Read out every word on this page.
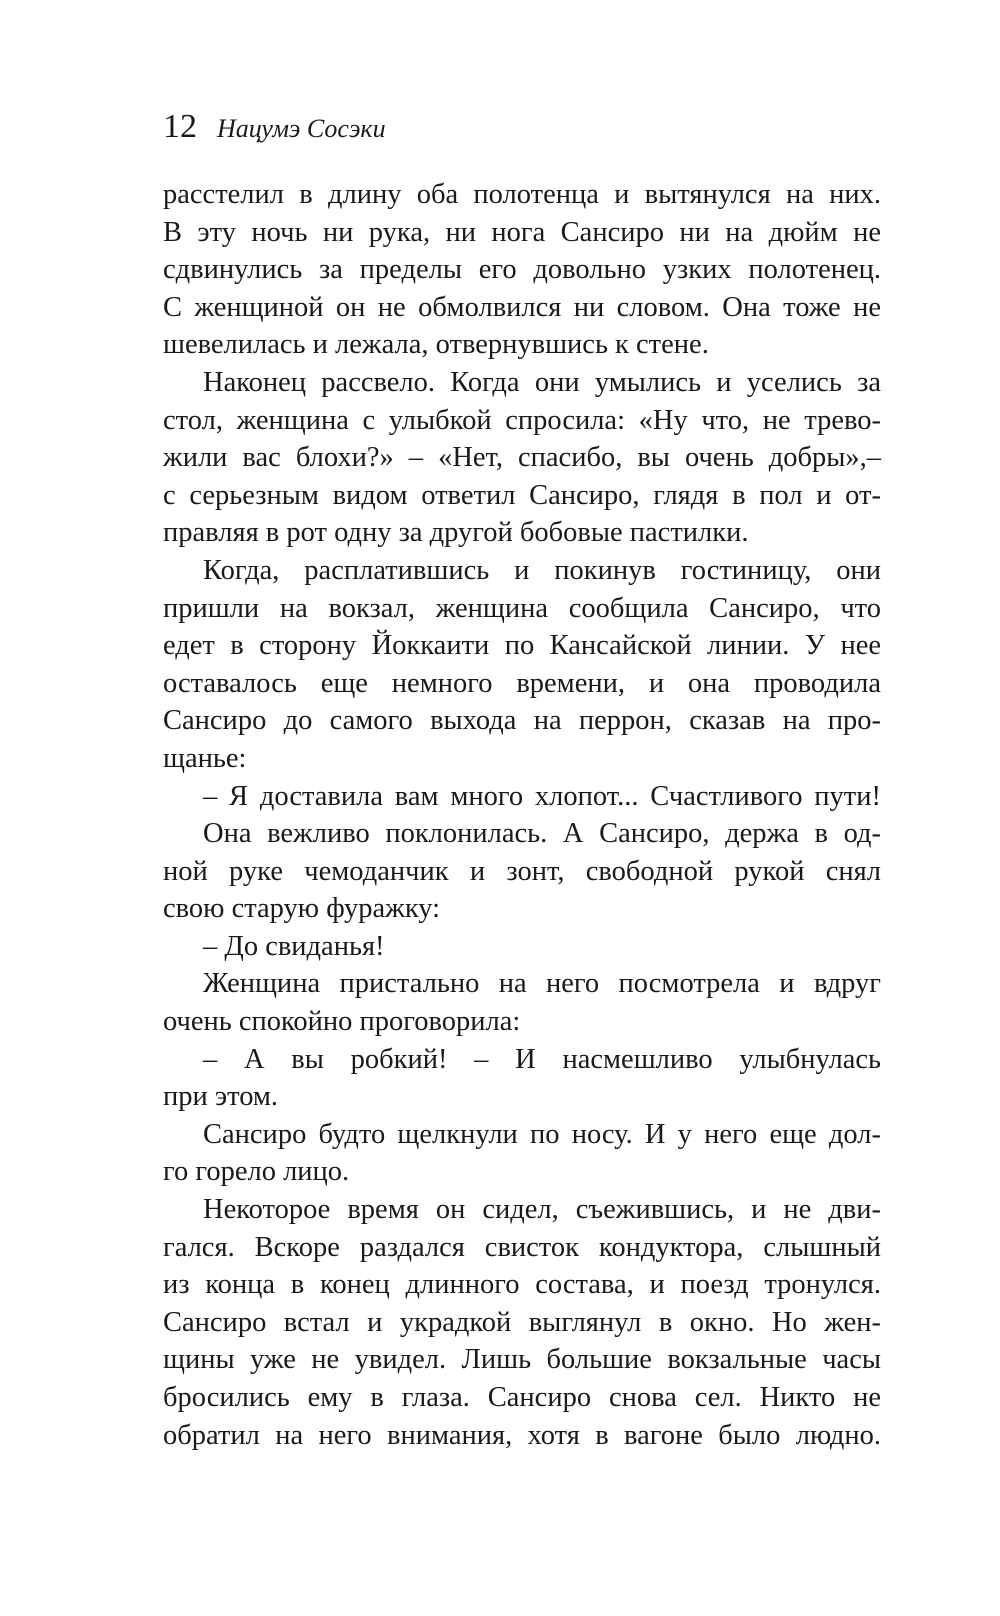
12 Нацумэ Сосэки
расстелил в длину оба полотенца и вытянулся на них.
В эту ночь ни рука, ни нога Сансиро ни на дюйм не
сдвинулись за пределы его довольно узких полотенец.
С женщиной он не обмолвился ни словом. Она тоже не
шевелилась и лежала, отвернувшись к стене.
Наконец рассвело. Когда они умылись и уселись за
стол, женщина с улыбкой спросила: «Ну что, не трево-
жили вас блохи?» – «Нет, спасибо, вы очень добры»,–
с серьезным видом ответил Сансиро, глядя в пол и от-
правляя в рот одну за другой бобовые пастилки.
Когда, расплатившись и покинув гостиницу, они
пришли на вокзал, женщина сообщила Сансиро, что
едет в сторону Йоккаити по Кансайской линии. У нее
оставалось еще немного времени, и она проводила
Сансиро до самого выхода на перрон, сказав на про-
щанье:
– Я доставила вам много хлопот... Счастливого пути!
Она вежливо поклонилась. А Сансиро, держа в од-
ной руке чемоданчик и зонт, свободной рукой снял
свою старую фуражку:
– До свиданья!
Женщина пристально на него посмотрела и вдруг
очень спокойно проговорила:
– А вы робкий! – И насмешливо улыбнулась
при этом.
Сансиро будто щелкнули по носу. И у него еще дол-
го горело лицо.
Некоторое время он сидел, съежившись, и не дви-
гался. Вскоре раздался свисток кондуктора, слышный
из конца в конец длинного состава, и поезд тронулся.
Сансиро встал и украдкой выглянул в окно. Но жен-
щины уже не увидел. Лишь большие вокзальные часы
бросились ему в глаза. Сансиро снова сел. Никто не
обратил на него внимания, хотя в вагоне было людно.
